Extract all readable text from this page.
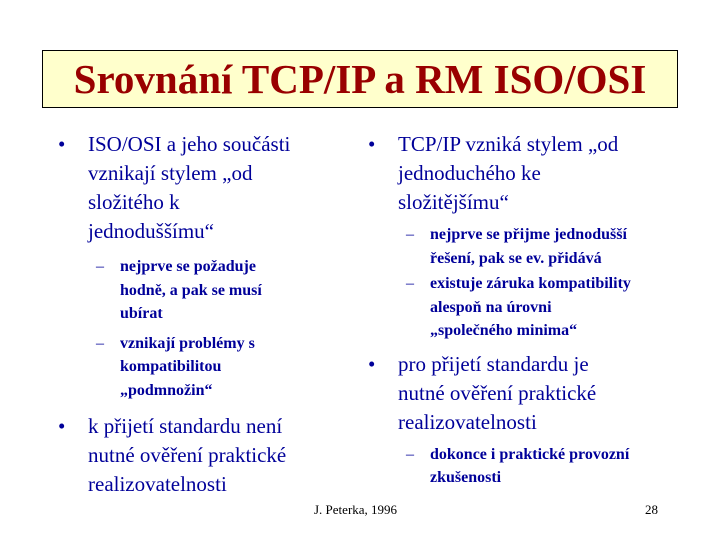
Srovnání TCP/IP a RM ISO/OSI
•	ISO/OSI a jeho součásti
vznikají stylem „od
složitého k
jednoduššímu“
–	nejprve se požaduje
hodně, a pak se musí
ubírat
–	vznikají problémy s
kompatibilitou
„podmnožin“
•	k přijetí standardu není
nutné ověření praktické
realizovatelnosti
•	TCP/IP vzniká stylem „od
jednoduchého ke
složitějšímu“
–	nejprve se přijme jednodušší
řešení, pak se ev. přidává
–	existuje záruka kompatibility
alespoň na úrovni
„společného minima“
•	pro přijetí standardu je
nutné ověření praktické
realizovatelnosti
–	dokonce i praktické provozní
zkušenosti
J. Peterka, 1996	28
